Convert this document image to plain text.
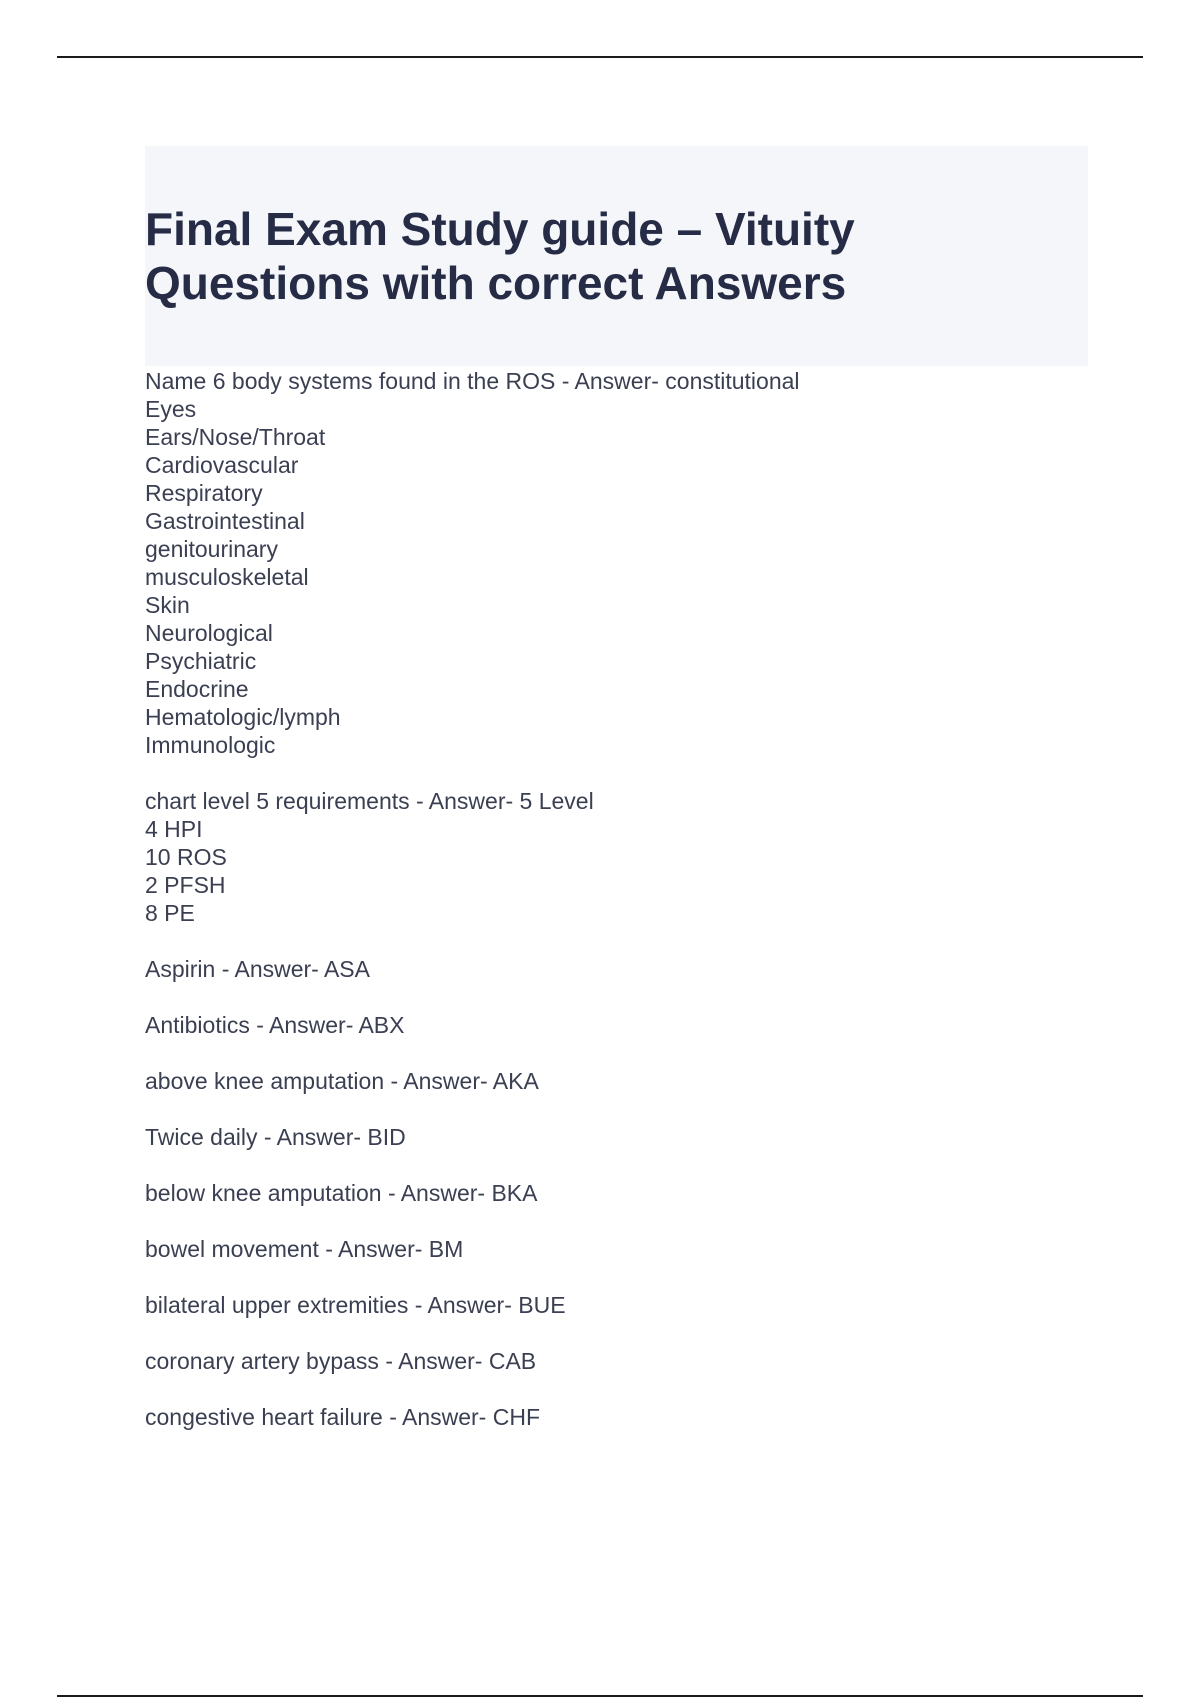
Final Exam Study guide – Vituity
Questions with correct Answers
Name 6 body systems found in the ROS - Answer- constitutional
Eyes
Ears/Nose/Throat
Cardiovascular
Respiratory
Gastrointestinal
genitourinary
musculoskeletal
Skin
Neurological
Psychiatric
Endocrine
Hematologic/lymph
Immunologic
chart level 5 requirements - Answer- 5 Level
4 HPI
10 ROS
2 PFSH
8 PE
Aspirin - Answer- ASA
Antibiotics - Answer- ABX
above knee amputation - Answer- AKA
Twice daily - Answer- BID
below knee amputation - Answer- BKA
bowel movement - Answer- BM
bilateral upper extremities - Answer- BUE
coronary artery bypass - Answer- CAB
congestive heart failure - Answer- CHF
